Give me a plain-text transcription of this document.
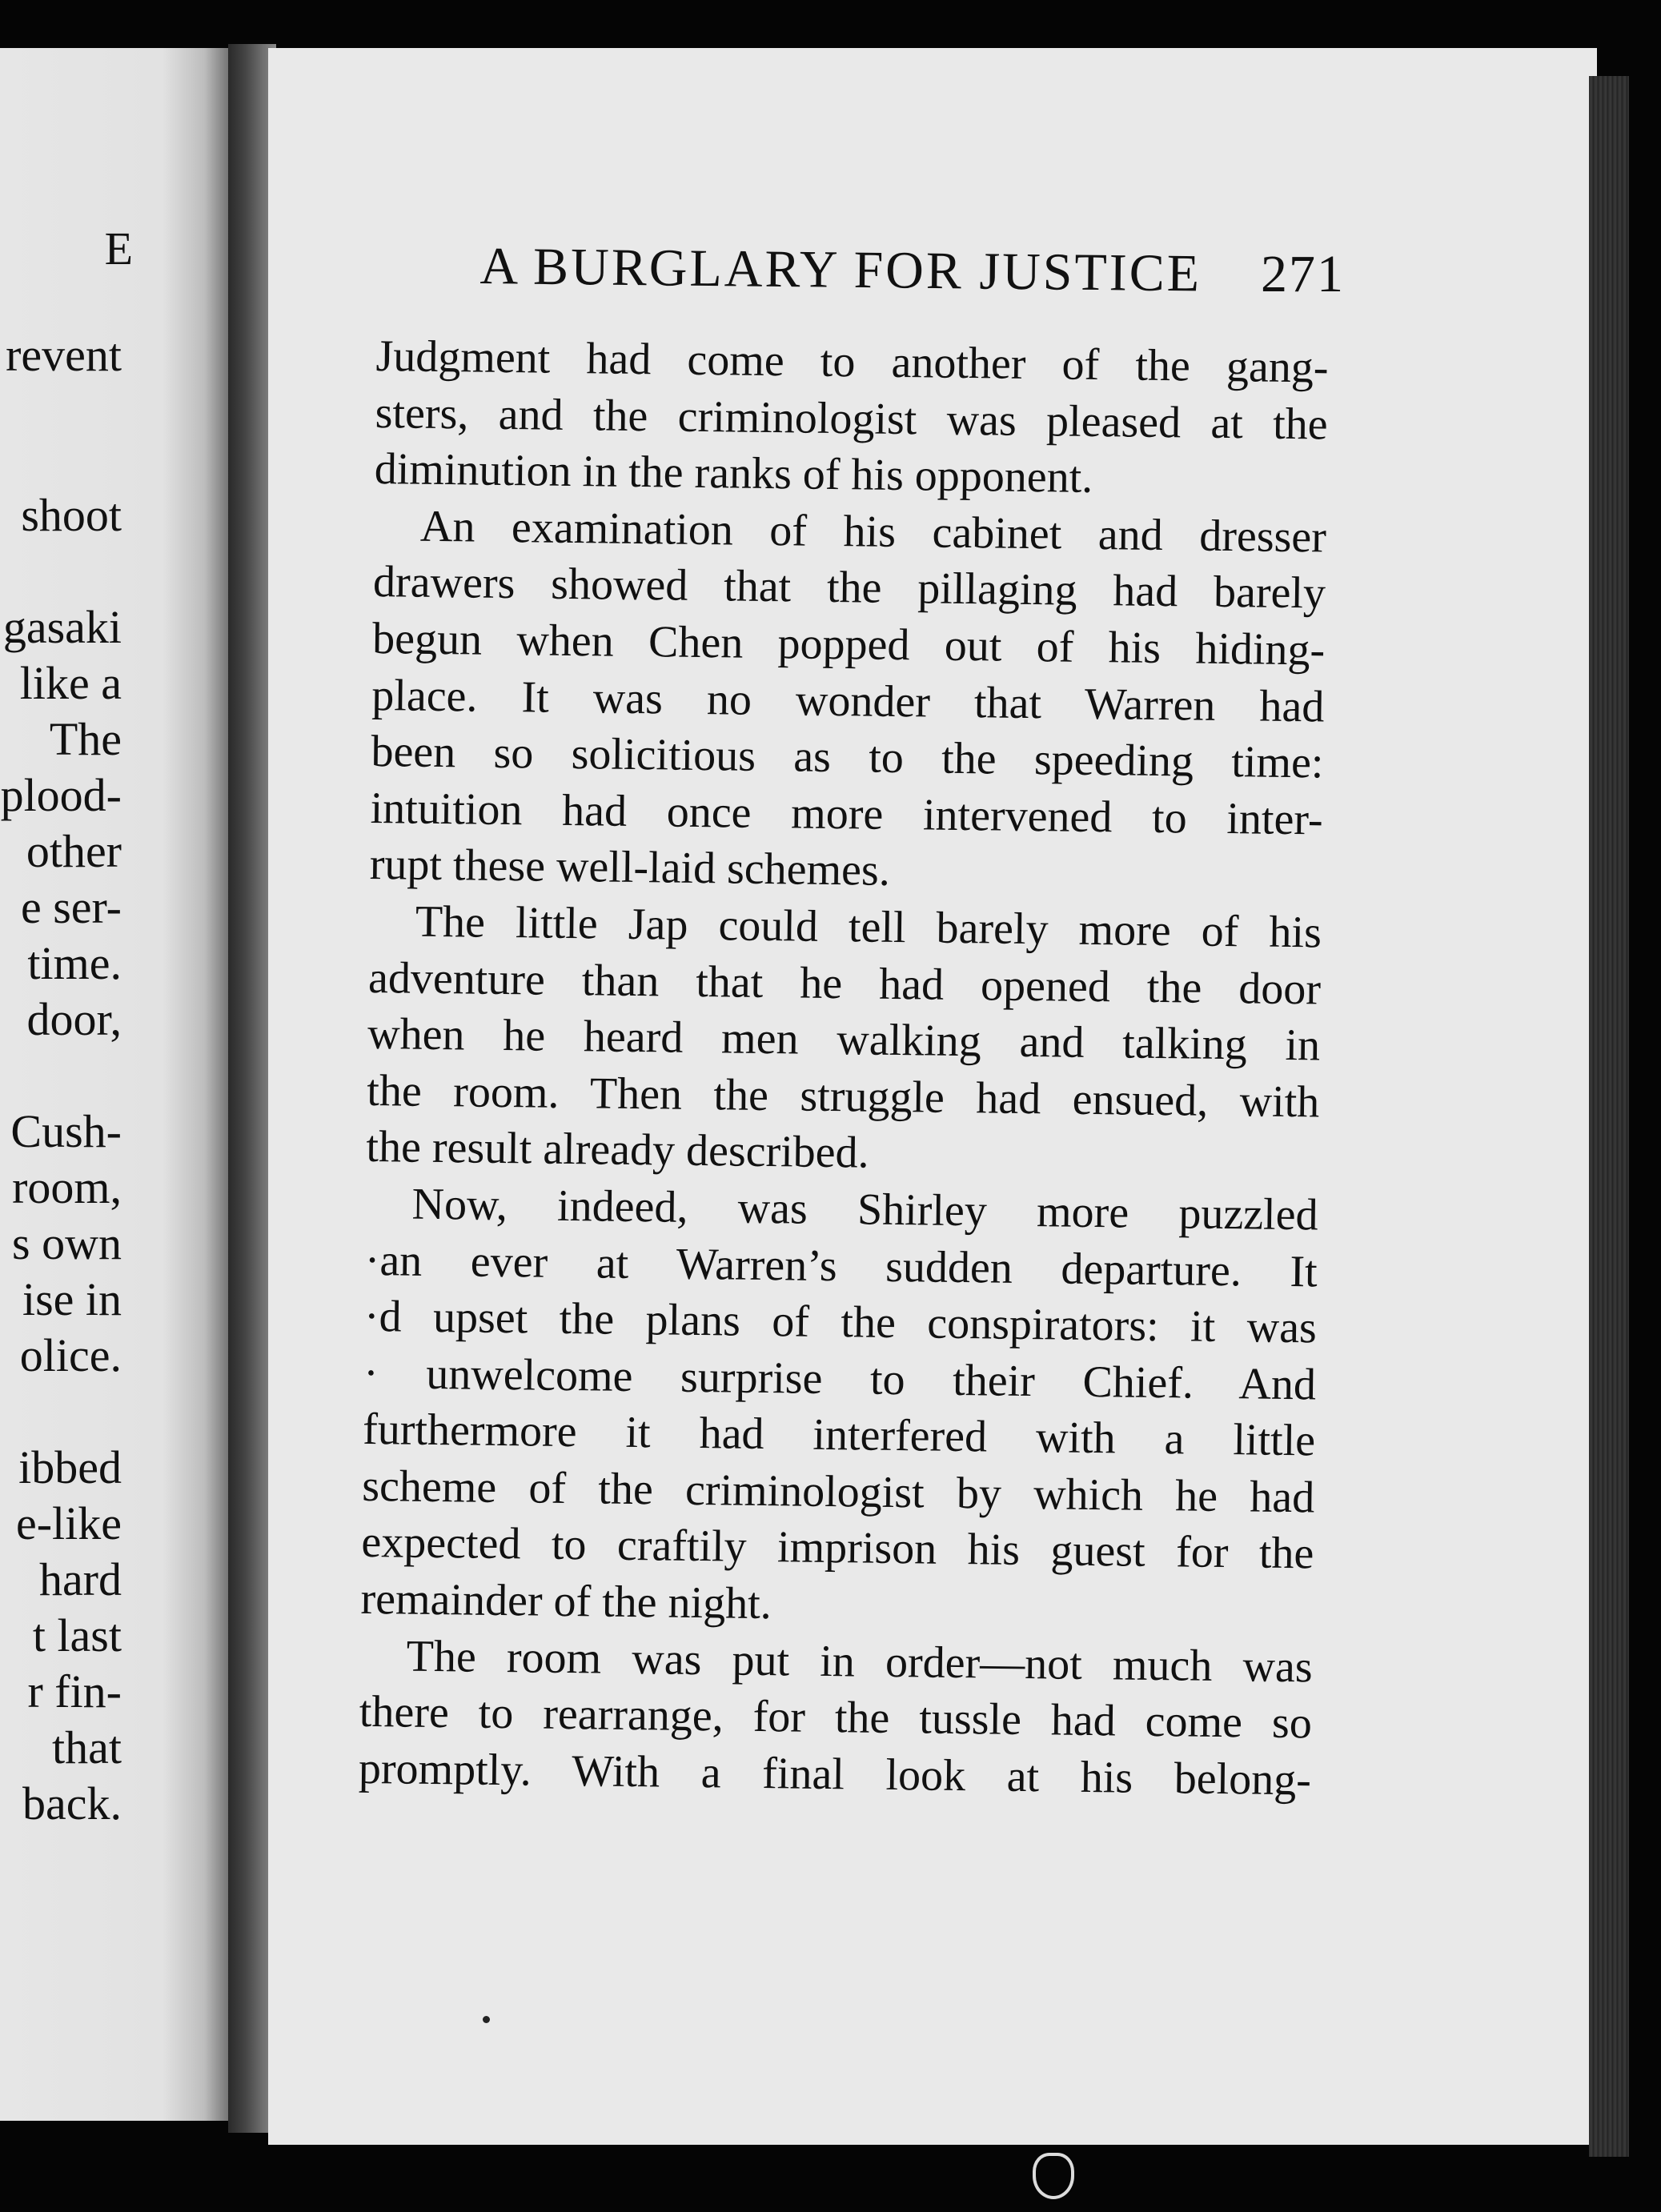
E
revent
shoot
gasaki
like a
The
plood-
other
e ser-
time.
door,
Cush-
room,
s own
ise in
olice.
ibbed
e-like
hard
t last
r fin-
that
back.
A BURGLARY FOR JUSTICE	271
Judgment had come to another of the gang-
sters, and the criminologist was pleased at the
diminution in the ranks of his opponent.
An examination of his cabinet and dresser
drawers showed that the pillaging had barely
begun when Chen popped out of his hiding-
place. It was no wonder that Warren had
been so solicitious as to the speeding time:
intuition had once more intervened to inter-
rupt these well-laid schemes.
The little Jap could tell barely more of his
adventure than that he had opened the door
when he heard men walking and talking in
the room. Then the struggle had ensued, with
the result already described.
Now, indeed, was Shirley more puzzled
·an ever at Warren’s sudden departure. It
·d upset the plans of the conspirators: it was
· unwelcome surprise to their Chief. And
furthermore it had interfered with a little
scheme of the criminologist by which he had
expected to craftily imprison his guest for the
remainder of the night.
The room was put in order—not much was
there to rearrange, for the tussle had come so
promptly. With a final look at his belong-
